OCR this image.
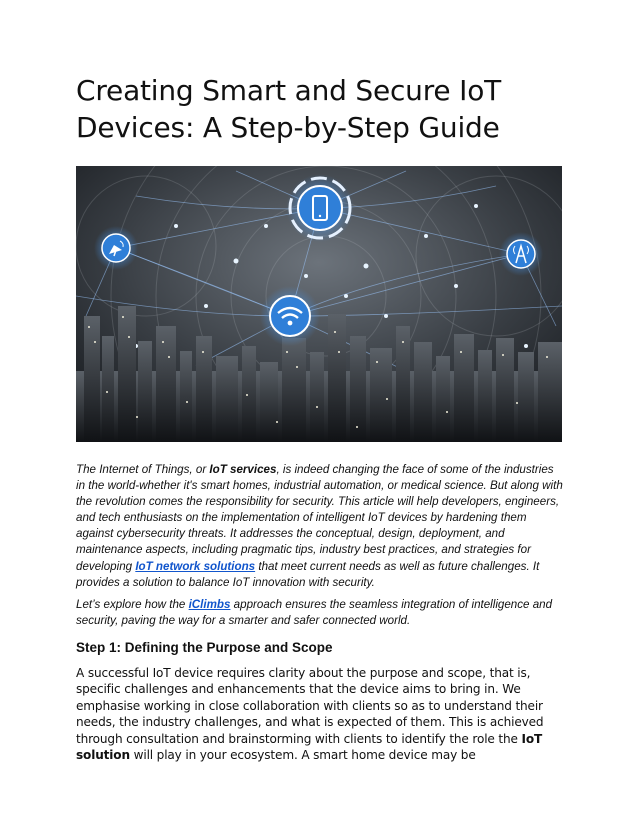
Creating Smart and Secure IoT
Devices: A Step-by-Step Guide

The Internet of Things, or IoT services, is indeed changing the face of some of the industries in the world-whether it's smart homes, industrial automation, or medical science. But along with the revolution comes the responsibility for security. This article will help developers, engineers, and tech enthusiasts on the implementation of intelligent IoT devices by hardening them against cybersecurity threats. It addresses the conceptual, design, deployment, and maintenance aspects, including pragmatic tips, industry best practices, and strategies for developing IoT network solutions that meet current needs as well as future challenges. It provides a solution to balance IoT innovation with security.

Let’s explore how the iClimbs approach ensures the seamless integration of intelligence and security, paving the way for a smarter and safer connected world.

Step 1: Defining the Purpose and Scope

A successful IoT device requires clarity about the purpose and scope, that is, specific challenges and enhancements that the device aims to bring in. We emphasise working in close collaboration with clients so as to understand their needs, the industry challenges, and what is expected of them. This is achieved through consultation and brainstorming with clients to identify the role the IoT solution will play in your ecosystem. A smart home device may be
